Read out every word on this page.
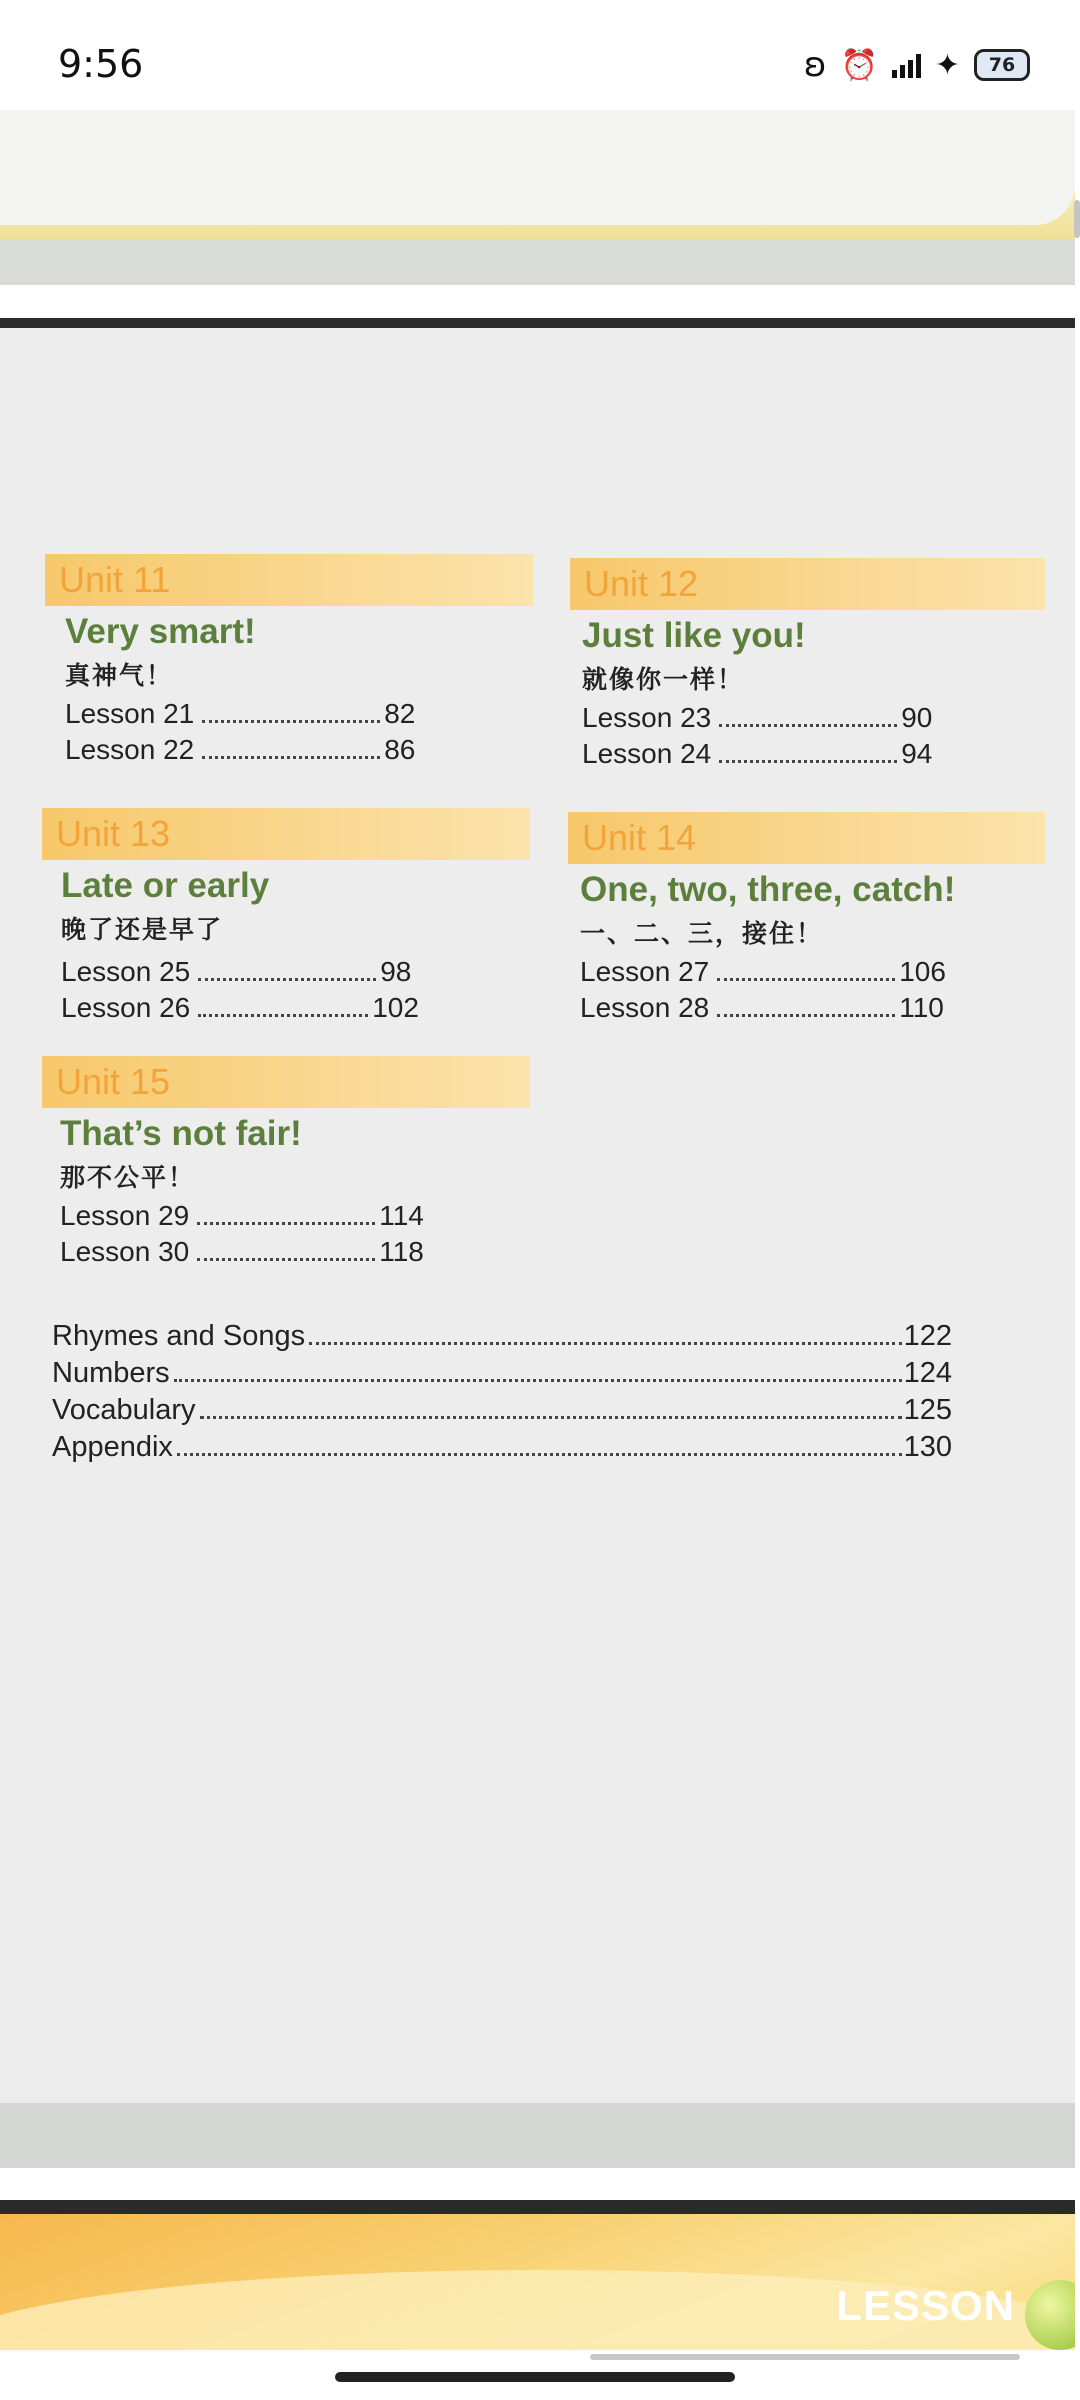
9:56	ʚ ⏰ ✦	76
Unit 11
Very smart!
真神气！
Lesson 21	82
Lesson 22	86
Unit 12
Just like you!
就像你一样！
Lesson 23	90
Lesson 24	94
Unit 13
Late or early
晚了还是早了
Lesson 25	98
Lesson 26	102
Unit 14
One, two, three, catch!
一、二、三，接住！
Lesson 27	106
Lesson 28	110
Unit 15
That’s not fair!
那不公平！
Lesson 29	114
Lesson 30	118
Rhymes and Songs	122
Numbers	124
Vocabulary	125
Appendix	130
LESSON
